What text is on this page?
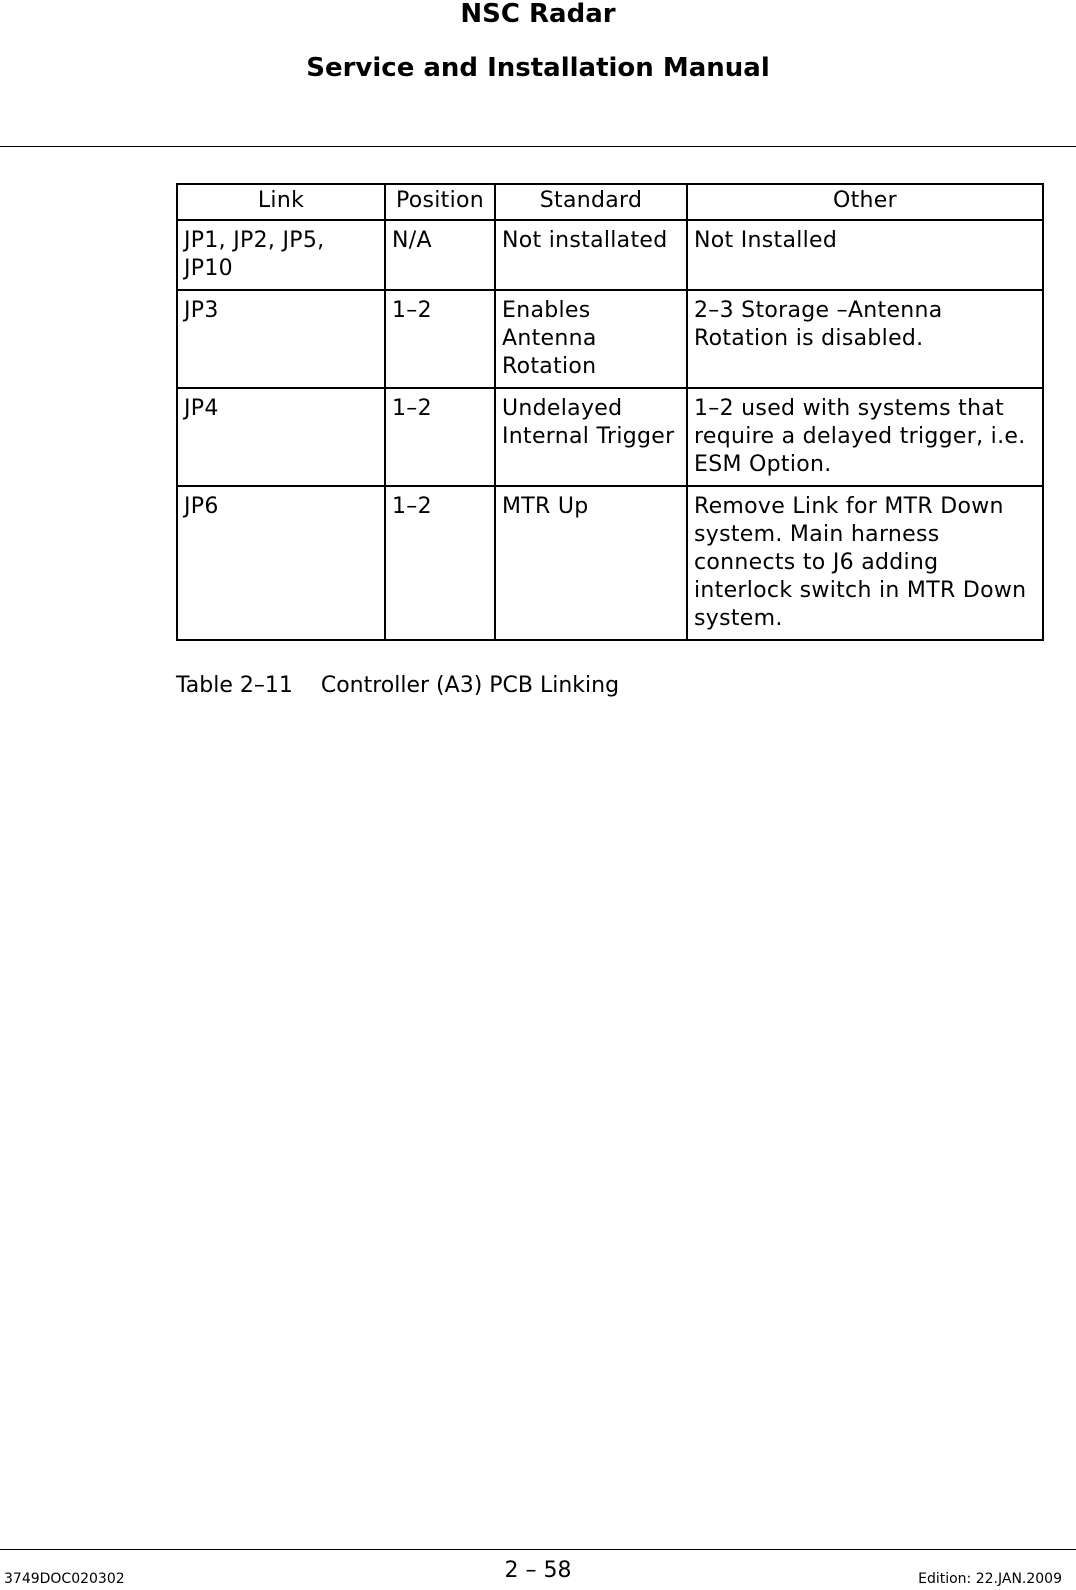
NSC Radar
Service and Installation Manual
Link	Position	Standard	Other
JP1, JP2, JP5, JP10	N/A	Not installated	Not Installed
JP3	1–2	Enables Antenna Rotation	2–3 Storage –Antenna Rotation is disabled.
JP4	1–2	Undelayed Internal Trigger	1–2 used with systems that require a delayed trigger, i.e. ESM Option.
JP6	1–2	MTR Up	Remove Link for MTR Down system. Main harness connects to J6 adding interlock switch in MTR Down system.
Table 2–11    Controller (A3) PCB Linking
3749DOC020302	2 – 58	Edition: 22.JAN.2009
